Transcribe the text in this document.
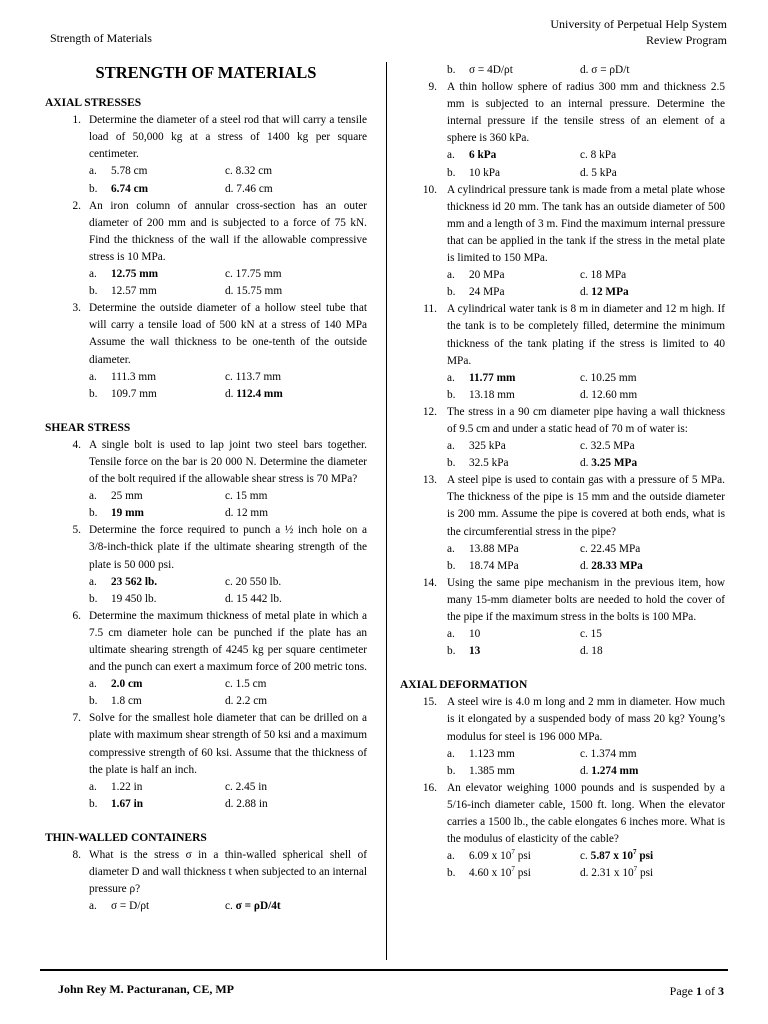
Strength of Materials
University of Perpetual Help System
Review Program
STRENGTH OF MATERIALS
AXIAL STRESSES
1. Determine the diameter of a steel rod that will carry a tensile load of 50,000 kg at a stress of 1400 kg per square centimeter.
a. 5.78 cm	c. 8.32 cm
b. 6.74 cm	d. 7.46 cm
2. An iron column of annular cross-section has an outer diameter of 200 mm and is subjected to a force of 75 kN. Find the thickness of the wall if the allowable compressive stress is 10 MPa.
a. 12.75 mm	c. 17.75 mm
b. 12.57 mm	d. 15.75 mm
3. Determine the outside diameter of a hollow steel tube that will carry a tensile load of 500 kN at a stress of 140 MPa Assume the wall thickness to be one-tenth of the outside diameter.
a. 111.3 mm	c. 113.7 mm
b. 109.7 mm	d. 112.4 mm
SHEAR STRESS
4. A single bolt is used to lap joint two steel bars together. Tensile force on the bar is 20 000 N. Determine the diameter of the bolt required if the allowable shear stress is 70 MPa?
a. 25 mm	c. 15 mm
b. 19 mm	d. 12 mm
5. Determine the force required to punch a ½ inch hole on a 3/8-inch-thick plate if the ultimate shearing strength of the plate is 50 000 psi.
a. 23 562 lb.	c. 20 550 lb.
b. 19 450 lb.	d. 15 442 lb.
6. Determine the maximum thickness of metal plate in which a 7.5 cm diameter hole can be punched if the plate has an ultimate shearing strength of 4245 kg per square centimeter and the punch can exert a maximum force of 200 metric tons.
a. 2.0 cm	c. 1.5 cm
b. 1.8 cm	d. 2.2 cm
7. Solve for the smallest hole diameter that can be drilled on a plate with maximum shear strength of 50 ksi and a maximum compressive strength of 60 ksi. Assume that the thickness of the plate is half an inch.
a. 1.22 in	c. 2.45 in
b. 1.67 in	d. 2.88 in
THIN-WALLED CONTAINERS
8. What is the stress σ in a thin-walled spherical shell of diameter D and wall thickness t when subjected to an internal pressure ρ?
a. σ = D/ρt	c. σ = ρD/4t
b. σ = 4D/ρt	d. σ = ρD/t
9. A thin hollow sphere of radius 300 mm and thickness 2.5 mm is subjected to an internal pressure. Determine the internal pressure if the tensile stress of an element of a sphere is 360 kPa.
a. 6 kPa	c. 8 kPa
b. 10 kPa	d. 5 kPa
10. A cylindrical pressure tank is made from a metal plate whose thickness id 20 mm. The tank has an outside diameter of 500 mm and a length of 3 m. Find the maximum internal pressure that can be applied in the tank if the stress in the metal plate is limited to 150 MPa.
a. 20 MPa	c. 18 MPa
b. 24 MPa	d. 12 MPa
11. A cylindrical water tank is 8 m in diameter and 12 m high. If the tank is to be completely filled, determine the minimum thickness of the tank plating if the stress is limited to 40 MPa.
a. 11.77 mm	c. 10.25 mm
b. 13.18 mm	d. 12.60 mm
12. The stress in a 90 cm diameter pipe having a wall thickness of 9.5 cm and under a static head of 70 m of water is:
a. 325 kPa	c. 32.5 MPa
b. 32.5 kPa	d. 3.25 MPa
13. A steel pipe is used to contain gas with a pressure of 5 MPa. The thickness of the pipe is 15 mm and the outside diameter is 200 mm. Assume the pipe is covered at both ends, what is the circumferential stress in the pipe?
a. 13.88 MPa	c. 22.45 MPa
b. 18.74 MPa	d. 28.33 MPa
14. Using the same pipe mechanism in the previous item, how many 15-mm diameter bolts are needed to hold the cover of the pipe if the maximum stress in the bolts is 100 MPa.
a. 10	c. 15
b. 13	d. 18
AXIAL DEFORMATION
15. A steel wire is 4.0 m long and 2 mm in diameter. How much is it elongated by a suspended body of mass 20 kg? Young’s modulus for steel is 196 000 MPa.
a. 1.123 mm	c. 1.374 mm
b. 1.385 mm	d. 1.274 mm
16. An elevator weighing 1000 pounds and is suspended by a 5/16-inch diameter cable, 1500 ft. long. When the elevator carries a 1500 lb., the cable elongates 6 inches more. What is the modulus of elasticity of the cable?
a. 6.09 x $10^7$ psi	c. 5.87 x $10^7$ psi
b. 4.60 x $10^7$ psi	d. 2.31 x $10^7$ psi
John Rey M. Pacturanan, CE, MP	Page 1 of 3
